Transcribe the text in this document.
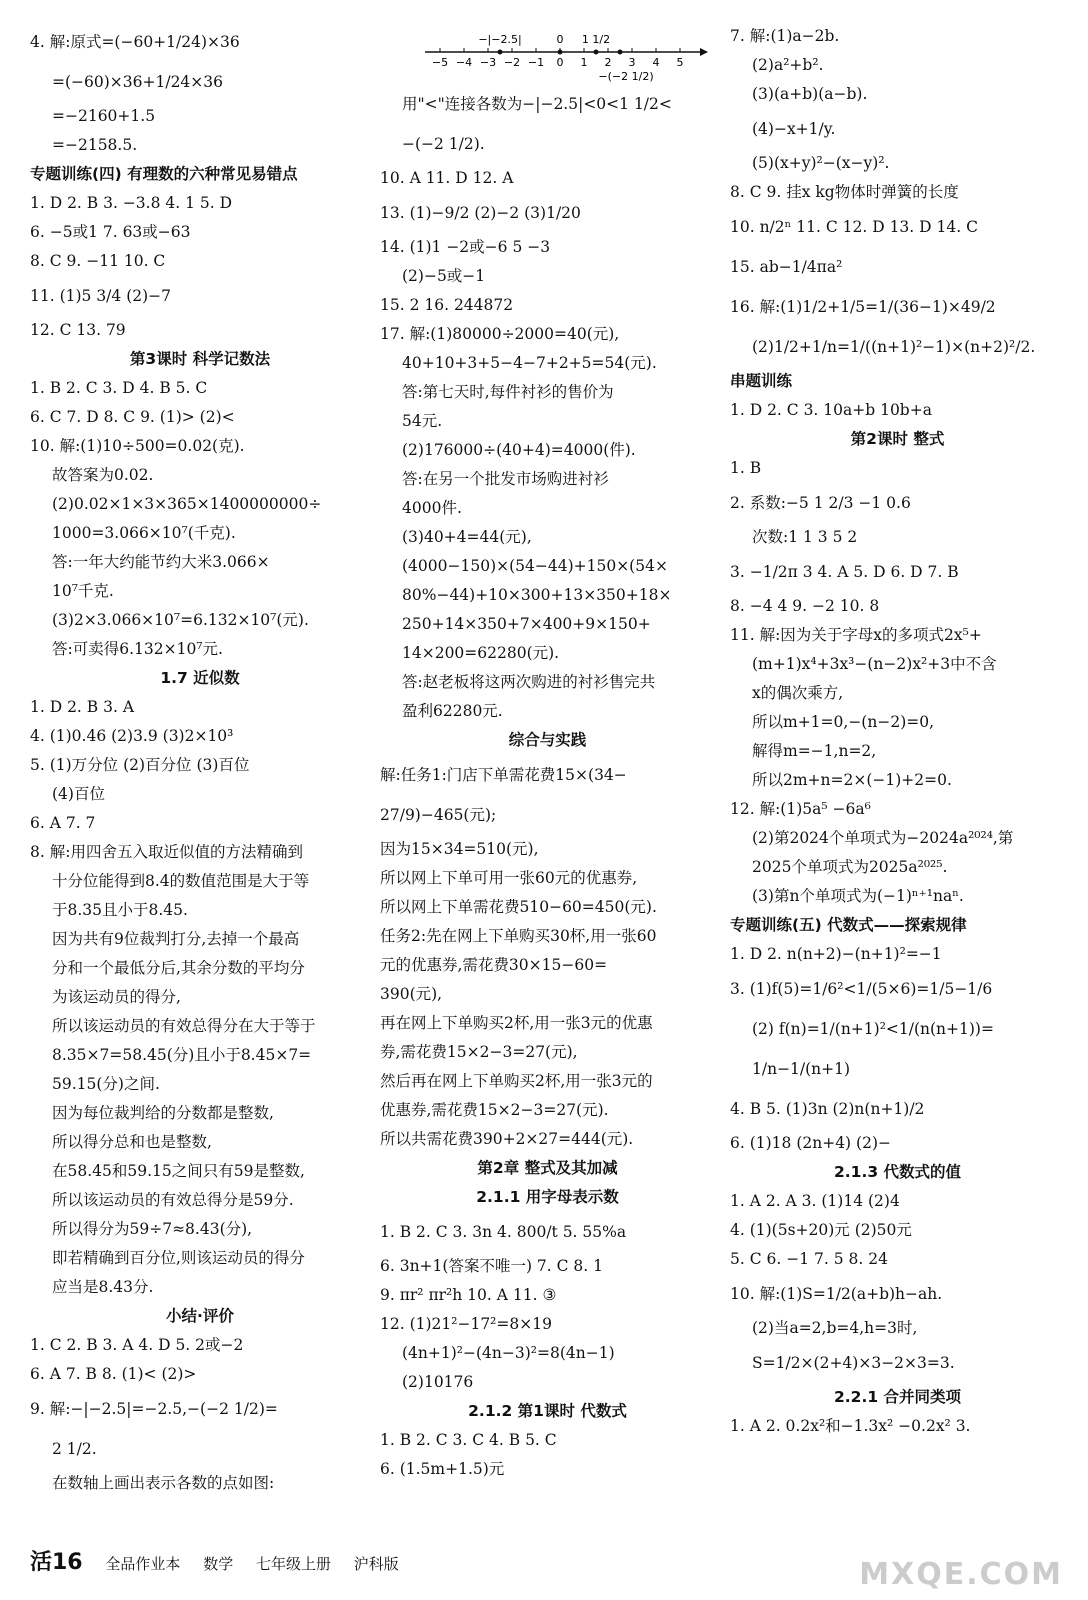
4. 解:原式=(−60+1/24)×36
=(−60)×36+1/24×36
=−2160+1.5
=−2158.5.
专题训练(四) 有理数的六种常见易错点
1. D 2. B 3. −3.8 4. 1 5. D
6. −5或1 7. 63或−63
8. C 9. −11 10. C
11. (1)5 3/4 (2)−7
12. C 13. 79
第3课时 科学记数法
1. B 2. C 3. D 4. B 5. C
6. C 7. D 8. C 9. (1)> (2)<
10. 解:(1)10÷500=0.02(克).
故答案为0.02.
(2)0.02×1×3×365×1400000000÷
1000=3.066×10⁷(千克).
答:一年大约能节约大米3.066×
10⁷千克.
(3)2×3.066×10⁷=6.132×10⁷(元).
答:可卖得6.132×10⁷元.
1.7 近似数
1. D 2. B 3. A
4. (1)0.46 (2)3.9 (3)2×10³
5. (1)万分位 (2)百分位 (3)百位
(4)百位
6. A 7. 7
8. 解:用四舍五入取近似值的方法精确到
十分位能得到8.4的数值范围是大于等
于8.35且小于8.45.
因为共有9位裁判打分,去掉一个最高
分和一个最低分后,其余分数的平均分
为该运动员的得分,
所以该运动员的有效总得分在大于等于
8.35×7=58.45(分)且小于8.45×7=
59.15(分)之间.
因为每位裁判给的分数都是整数,
所以得分总和也是整数,
在58.45和59.15之间只有59是整数,
所以该运动员的有效总得分是59分.
所以得分为59÷7≈8.43(分),
即若精确到百分位,则该运动员的得分
应当是8.43分.
小结·评价
1. C 2. B 3. A 4. D 5. 2或−2
6. A 7. B 8. (1)< (2)>
9. 解:−|−2.5|=−2.5,−(−2 1/2)=
2 1/2.
在数轴上画出表示各数的点如图:
−5 −4 −3 −2 −1 0 1 2 3 4 5
−|−2.5|	0 1 1/2
−(−2 1/2)
用"<"连接各数为−|−2.5|<0<1 1/2<
−(−2 1/2).
10. A 11. D 12. A
13. (1)−9/2 (2)−2 (3)1/20
14. (1)1 −2或−6 5 −3
(2)−5或−1
15. 2 16. 244872
17. 解:(1)80000÷2000=40(元),
40+10+3+5−4−7+2+5=54(元).
答:第七天时,每件衬衫的售价为
54元.
(2)176000÷(40+4)=4000(件).
答:在另一个批发市场购进衬衫
4000件.
(3)40+4=44(元),
(4000−150)×(54−44)+150×(54×
80%−44)+10×300+13×350+18×
250+14×350+7×400+9×150+
14×200=62280(元).
答:赵老板将这两次购进的衬衫售完共
盈利62280元.
综合与实践
解:任务1:门店下单需花费15×(34−
27/9)−465(元);
因为15×34=510(元),
所以网上下单可用一张60元的优惠券,
所以网上下单需花费510−60=450(元).
任务2:先在网上下单购买30杯,用一张60
元的优惠券,需花费30×15−60=
390(元),
再在网上下单购买2杯,用一张3元的优惠
券,需花费15×2−3=27(元),
然后再在网上下单购买2杯,用一张3元的
优惠券,需花费15×2−3=27(元).
所以共需花费390+2×27=444(元).
第2章 整式及其加减
2.1.1 用字母表示数
1. B 2. C 3. 3n 4. 800/t 5. 55%a
6. 3n+1(答案不唯一) 7. C 8. 1
9. πr² πr²h 10. A 11. ③
12. (1)21²−17²=8×19
(4n+1)²−(4n−3)²=8(4n−1)
(2)10176
2.1.2 第1课时 代数式
1. B 2. C 3. C 4. B 5. C
6. (1.5m+1.5)元
7. 解:(1)a−2b.
(2)a²+b².
(3)(a+b)(a−b).
(4)−x+1/y.
(5)(x+y)²−(x−y)².
8. C 9. 挂x kg物体时弹簧的长度
10. n/2ⁿ 11. C 12. D 13. D 14. C
15. ab−1/4πa²
16. 解:(1)1/2+1/5=1/(36−1)×49/2
(2)1/2+1/n=1/((n+1)²−1)×(n+2)²/2.
串题训练
1. D 2. C 3. 10a+b 10b+a
第2课时 整式
1. B
2. 系数:−5 1 2/3 −1 0.6
次数:1 1 3 5 2
3. −1/2π 3 4. A 5. D 6. D 7. B
8. −4 4 9. −2 10. 8
11. 解:因为关于字母x的多项式2x⁵+
(m+1)x⁴+3x³−(n−2)x²+3中不含
x的偶次乘方,
所以m+1=0,−(n−2)=0,
解得m=−1,n=2,
所以2m+n=2×(−1)+2=0.
12. 解:(1)5a⁵ −6a⁶
(2)第2024个单项式为−2024a²⁰²⁴,第
2025个单项式为2025a²⁰²⁵.
(3)第n个单项式为(−1)ⁿ⁺¹naⁿ.
专题训练(五) 代数式——探索规律
1. D 2. n(n+2)−(n+1)²=−1
3. (1)f(5)=1/6²<1/(5×6)=1/5−1/6
(2) f(n)=1/(n+1)²<1/(n(n+1))=
1/n−1/(n+1)
4. B 5. (1)3n (2)n(n+1)/2
6. (1)18 (2n+4) (2)−
2.1.3 代数式的值
1. A 2. A 3. (1)14 (2)4
4. (1)(5s+20)元 (2)50元
5. C 6. −1 7. 5 8. 24
10. 解:(1)S=1/2(a+b)h−ah.
(2)当a=2,b=4,h=3时,
S=1/2×(2+4)×3−2×3=3.
2.2.1 合并同类项
1. A 2. 0.2x²和−1.3x² −0.2x² 3.
活16 全品作业本 数学 七年级上册 沪科版	MXQE.COM
